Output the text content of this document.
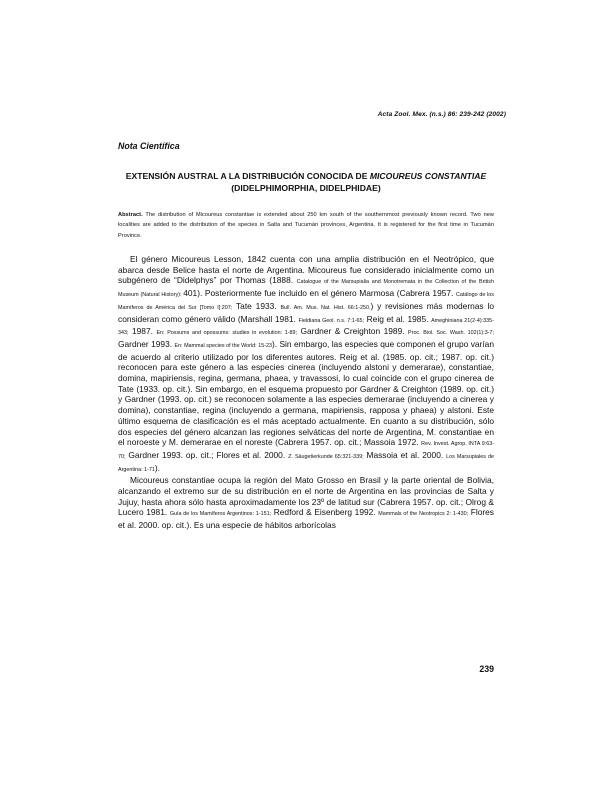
Acta Zool. Mex. (n.s.) 86: 239-242 (2002)
Nota Científica
EXTENSIÓN AUSTRAL A LA DISTRIBUCIÓN CONOCIDA DE MICOUREUS CONSTANTIAE (DIDELPHIMORPHIA, DIDELPHIDAE)
Abstract. The distribution of Micoureus constantiae is extended about 250 km south of the southernmost previously known record. Two new localities are added to the distribution of the species in Salta and Tucumán provinces, Argentina. It is registered for the first time in Tucumán Province.

El género Micoureus Lesson, 1842 cuenta con una amplia distribución en el Neotrópico, que abarca desde Belice hasta el norte de Argentina. Micoureus fue considerado inicialmente como un subgénero de “Didelphys” por Thomas (1888. Catalogue of the Marsupialia and Monotremata in the Collection of the British Museum (Natural History): 401). Posteriormente fue incluido en el género Marmosa (Cabrera 1957. Catálogo de los Mamíferos de América del Sur [Tomo I]:207; Tate 1933. Bull. Am. Mus. Nat. Hist. 66:1-250.) y revisiones más modernas lo consideran como género válido (Marshall 1981. Fieldiana Geol. n.s. 7:1-65; Reig et al. 1985. Ameghiniana 21(2-4):335-343; 1987. En: Possums and opossums: studies in evolution: 1-89; Gardner & Creighton 1989. Proc. Biol. Soc. Wash. 102(1):3-7; Gardner 1993. En: Mammal species of the World: 15-23). Sin embargo, las especies que componen el grupo varían de acuerdo al criterio utilizado por los diferentes autores. Reig et al. (1985. op. cit.; 1987. op. cit.) reconocen para este género a las especies cinerea (incluyendo alstoni y demerarae), constantiae, domina, mapiriensis, regina, germana, phaea, y travassosi, lo cual coincide con el grupo cinerea de Tate (1933. op. cit.). Sin embargo, en el esquema propuesto por Gardner & Creighton (1989. op. cit.) y Gardner (1993. op. cit.) se reconocen solamente a las especies demerarae (incluyendo a cinerea y domina), constantiae, regina (incluyendo a germana, mapiriensis, rapposa y phaea) y alstoni. Este último esquema de clasificación es el más aceptado actualmente. En cuanto a su distribución, sólo dos especies del género alcanzan las regiones selváticas del norte de Argentina, M. constantiae en el noroeste y M. demerarae en el noreste (Cabrera 1957. op. cit.; Massoia 1972. Rev. Invest. Agrop. INTA 9:63-70; Gardner 1993. op. cit.; Flores et al. 2000. Z. Säugetierkunde 65:321-339; Massoia et al. 2000. Los Marsupiales de Argentina: 1-71).

Micoureus constantiae ocupa la región del Mato Grosso en Brasil y la parte oriental de Bolivia, alcanzando el extremo sur de su distribución en el norte de Argentina en las provincias de Salta y Jujuy, hasta ahora sólo hasta aproximadamente los 23º de latitud sur (Cabrera 1957. op. cit.; Olrog & Lucero 1981. Guía de los Mamíferos Argentinos: 1-151; Redford & Eisenberg 1992. Mammals of the Neotropics 2: 1-430; Flores et al. 2000. op. cit.). Es una especie de hábitos arborícolas

239
